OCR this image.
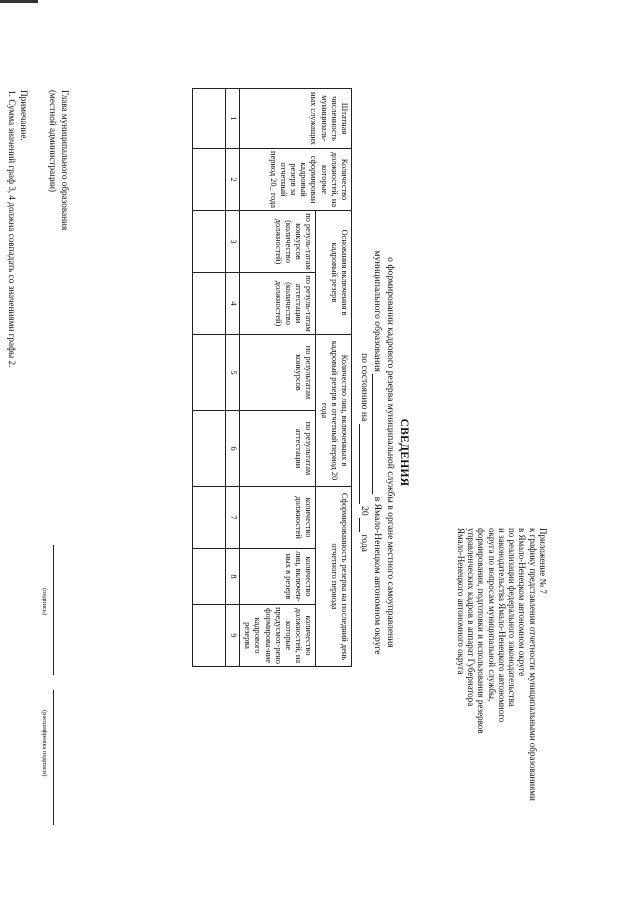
Приложение № 7
к графику представления отчетности муниципальными образованиями
в Ямало-Ненецком автономном округе
по реализации федерального законодательства
и законодательства Ямало-Ненецкого автономного
округа по вопросам муниципальной службы,
формирования, подготовки и использования резервов
управленческих кадров в аппарат Губернатора
Ямало-Ненецкого автономного округа
СВЕДЕНИЯ
о формировании кадрового резерва муниципальной службы в органе местного самоуправления
муниципального образования  в Ямало-Ненецком автономном округе
по состоянию на  20  года
Штатная численность муниципаль-ных служащих	Количество должностей, на которые сформирован кадровый резерв за отчетный период 20_ года	Основания включения в кадровый резерв		Количество лиц, включенных в кадровый резерв в отчетный период 20 года		Сформированность резерва на последний день отчетного периода		
		по резуль-татам конкурсов (количество должностей)	по резуль-татам аттестации (количество должностей)	по результатам конкурсов	по результатам аттестации	количество должностей	количество лиц, включен-ных в резерв	количество должностей, на которые предусмот-рено формирова-ние кадрового резерва
1	2	3	4	5	6	7	8	9

Глава муниципального образования
(местной администрации)
(подпись)
(расшифровка подписи)
Примечание.
1. Сумма значений граф 3, 4 должна совпадать со значениями графы 2.
